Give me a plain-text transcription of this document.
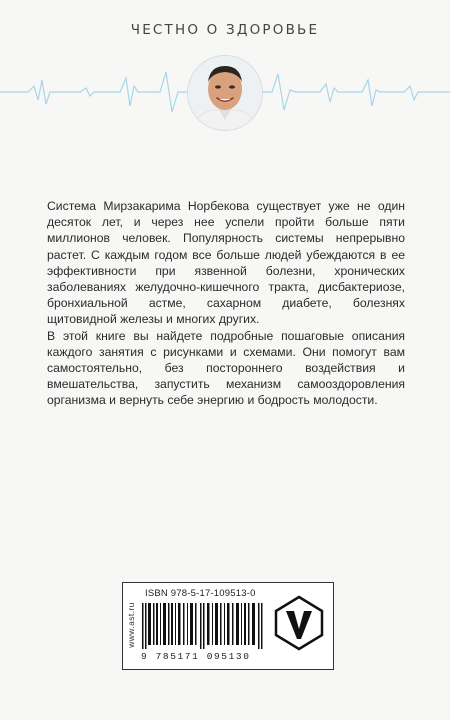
ЧЕСТНО О ЗДОРОВЬЕ

Система Мирзакарима Норбекова существует уже не один десяток лет, и через нее успели пройти больше пяти миллионов человек. Популярность системы непрерывно растет. С каждым годом все больше людей убеждаются в ее эффективности при язвенной болезни, хронических заболеваниях желудочно-кишечного тракта, дисбактериозе, бронхиальной астме, сахарном диабете, болезнях щитовидной железы и многих других.

В этой книге вы найдете подробные пошаговые описания каждого занятия с рисунками и схемами. Они помогут вам самостоятельно, без постороннего воздействия и вмешательства, запустить механизм самооздоровления организма и вернуть себе энергию и бодрость молодости.

www.ast.ru
ISBN 978-5-17-109513-0
9 785171 095130
